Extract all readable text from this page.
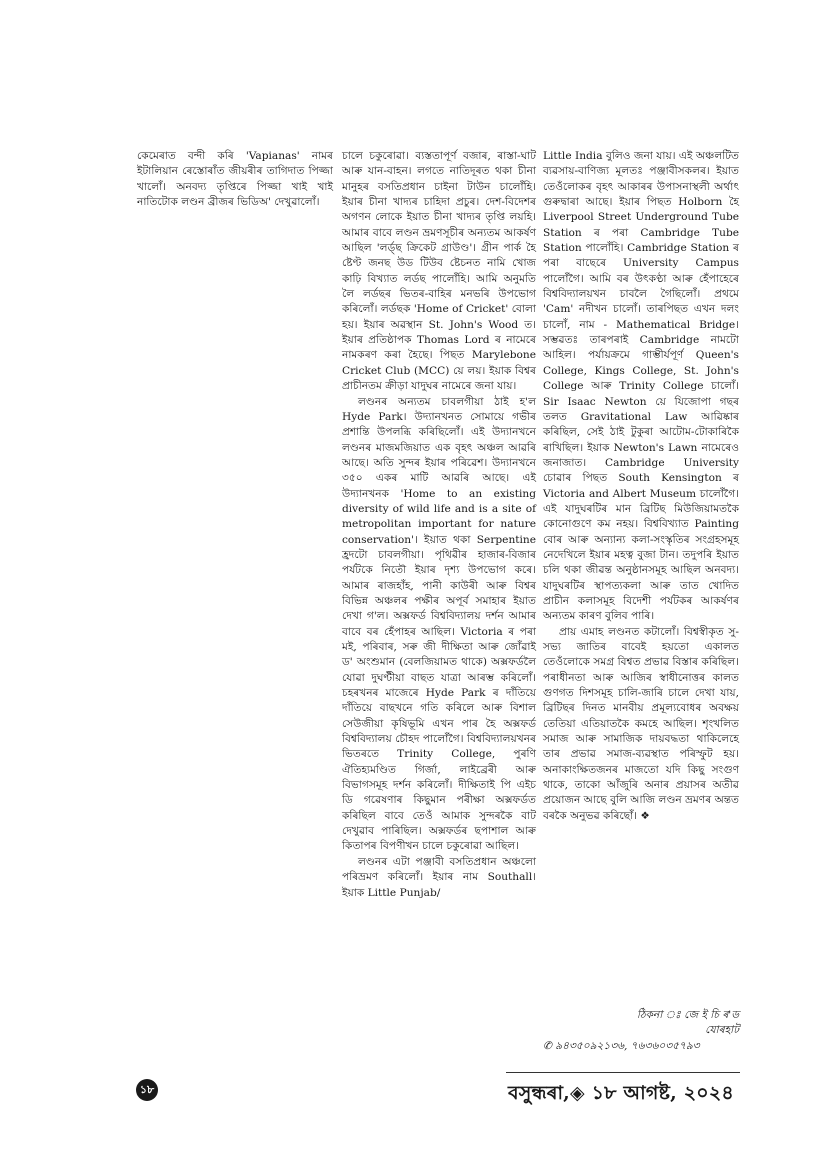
কেমেৰাত বন্দী কৰি 'Vapianas' নামৰ ইটালিয়ান ৰেস্তোৰাঁত জীয়ৰীৰ তাগিদাত পিজ্জা খালোঁ। অনবদ্য তৃপ্তিৰে পিজ্জা খাই খাই নাতিটোক লণ্ডন ব্ৰীজৰ ভিডিঅ' দেখুৱালোঁ।

চালে চকুৰোৱা। ব্যস্ততাপূৰ্ণ বজাৰ, ৰাস্তা-ঘাট আৰু যান-বাহন। লগতে নাতিদূৰত থকা চীনা মানুহৰ বসতিপ্ৰধান চাইনা টাউন চালোঁহি। ইয়াৰ চীনা খাদ্যৰ চাহিদা প্ৰচুৰ। দেশ-বিদেশৰ অগণন লোকে ইয়াত চীনা খাদ্যৰ তৃপ্তি লয়হি। আমাৰ বাবে লণ্ডন ভ্ৰমণসূচীৰ অন্যতম আকৰ্ষণ আছিল 'লৰ্ড্‌ছ ক্ৰিকেট গ্ৰাউণ্ড'। গ্ৰীন পাৰ্ক হৈ ষ্টেণ্ট জনছ উড টিউব ষ্টেচনত নামি খোজ কাঢ়ি বিখ্যাত লৰ্ডছ পালোঁহি। আমি অনুমতি লৈ লৰ্ডছৰ ভিতৰ-বাহিৰ মনভৰি উপভোগ কৰিলোঁ। লৰ্ডছক 'Home of Cricket' বোলা হয়। ইয়াৰ অৱস্থান St. John's Wood ত। ইয়াৰ প্ৰতিষ্ঠাপক Thomas Lord ৰ নামেৰে নামকৰণ কৰা হৈছে। পিছত Marylebone Cricket Club (MCC) য়ে লয়। ইয়াক বিশ্বৰ প্ৰাচীনতম ক্ৰীড়া যাদুঘৰ নামেৰে জনা যায়।

লণ্ডনৰ অন্যতম চাবলগীয়া ঠাই হ'ল Hyde Park। উদ্যানখনত সোমায়ে গভীৰ প্ৰশান্তি উপলব্ধি কৰিছিলোঁ। এই উদ্যানখনে লণ্ডনৰ মাজমজিয়াত এক বৃহৎ অঞ্চল আৱৰি আছে। অতি সুন্দৰ ইয়াৰ পৰিৱেশ। উদ্যানখনে ৩৫০ একৰ মাটি আৱৰি আছে। এই উদ্যানখনক 'Home to an existing diversity of wild life and is a site of metropolitan important for nature conservation'। ইয়াত থকা Serpentine হ্ৰদটো চাবলগীয়া। পৃথিৱীৰ হাজাৰ-বিজাৰ পৰ্যটকে নিতৌ ইয়াৰ দৃশ্য উপভোগ কৰে। আমাৰ ৰাজহাঁহ, পানী কাউৰী আৰু বিশ্বৰ বিভিন্ন অঞ্চলৰ পক্ষীৰ অপূৰ্ব সমাহাৰ ইয়াত দেখা গ'ল। অক্সফৰ্ড বিশ্ববিদ্যালয় দৰ্শন আমাৰ বাবে বৰ হেঁপাহৰ আছিল। Victoria ৰ পৰা মই, পৰিবাৰ, সৰু জী দীক্ষিতা আৰু জোঁৱাই ড' অংশুমান (বেলজিয়ামত থাকে) অক্সফৰ্ডলৈ যোৱা দুঘণ্টীয়া বাছত যাত্ৰা আৰম্ভ কৰিলোঁ। চহৰখনৰ মাজেৰে Hyde Park ৰ দাঁতিয়ে দাঁতিয়ে বাছখনে গতি কৰিলে আৰু বিশাল সেউজীয়া কৃষিভূমি এখন পাৰ হৈ অক্সফৰ্ড বিশ্ববিদ্যালয় চৌহদ পালোঁগৈ। বিশ্ববিদ্যালয়খনৰ ভিতৰতে Trinity College, পুৰণি ঐতিহ্যমণ্ডিত গিৰ্জা, লাইব্ৰেৰী আৰু বিভাগসমূহ দৰ্শন কৰিলোঁ। দীক্ষিতাই পি এইচ ডি গৱেষণাৰ কিছুমান পৰীক্ষা অক্সফৰ্ডত কৰিছিল বাবে তেওঁ আমাক সুন্দৰকৈ বাট দেখুৱাব পাৰিছিল। অক্সফৰ্ডৰ ছপাশাল আৰু কিতাপৰ বিপণীখন চালে চকুৰোৱা আছিল।

লণ্ডনৰ এটা পঞ্জাবী বসতিপ্ৰধান অঞ্চলো পৰিভ্ৰমণ কৰিলোঁ। ইয়াৰ নাম Southall। ইয়াক Little Punjab/

Little India বুলিও জনা যায়। এই অঞ্চলটিত ব্যৱসায়-বাণিজ্য মূলতঃ পঞ্জাবীসকলৰ। ইয়াত তেওঁলোকৰ বৃহৎ আকাৰৰ উপাসনাস্থলী অৰ্থাৎ গুৰুদ্বাৰা আছে। ইয়াৰ পিছত Holborn হৈ Liverpool Street Underground Tube Station ৰ পৰা Cambridge Tube Station পালোঁহি। Cambridge Station ৰ পৰা বাছেৰে University Campus পালোঁগৈ। আমি বৰ উৎকণ্ঠা আৰু হেঁপাহেৰে বিশ্ববিদ্যালয়খন চাবলৈ গৈছিলোঁ। প্ৰথমে 'Cam' নদীখন চালোঁ। তাৰপিছত এখন দলং চালোঁ, নাম - Mathematical Bridge। সম্ভৱতঃ তাৰপৰাই Cambridge নামটো আহিল। পৰ্যায়ক্ৰমে গাম্ভীৰ্যপূৰ্ণ Queen's College, Kings College, St. John's College আৰু Trinity College চালোঁ। Sir Isaac Newton য়ে যিজোপা গছৰ তলত Gravitational Law আৱিষ্কাৰ কৰিছিল, সেই ঠাই টুকুৰা আটোম-টোকাৰিকৈ ৰাখিছিল। ইয়াক Newton's Lawn নামেৰেও জনাজাত। Cambridge University চোৱাৰ পিছত South Kensington ৰ Victoria and Albert Museum চালোঁগৈ। এই যাদুঘৰটিৰ মান ব্ৰিটিছ মিউজিয়ামতকৈ কোনোগুণে কম নহয়। বিশ্ববিখ্যাত Painting বোৰ আৰু অন্যান্য কলা-সংস্কৃতিৰ সংগ্ৰহসমূহ নেদেখিলে ইয়াৰ মহত্ব বুজা টান। তদুপৰি ইয়াত চলি থকা জীৱন্ত অনুষ্ঠানসমূহ আছিল অনবদ্য। যাদুঘৰটিৰ স্থাপত্যকলা আৰু তাত খোদিত প্ৰাচীন কলাসমূহ বিদেশী পৰ্যটকৰ আকৰ্ষণৰ অন্যতম কাৰণ বুলিব পাৰি।

প্ৰায় এমাহ লণ্ডনত কটালোঁ। বিশ্বস্বীকৃত সু-সভ্য জাতিৰ বাবেই হয়তো একালত তেওঁলোকে সমগ্ৰ বিশ্বত প্ৰভাৱ বিস্তাৰ কৰিছিল। পৰাধীনতা আৰু আজিৰ স্বাধীনোত্তৰ কালত গুণগত দিশসমূহ চালি-জাৰি চালে দেখা যায়, ব্ৰিটিছৰ দিনত মানবীয় প্ৰমূল্যবোধৰ অবক্ষয় তেতিয়া এতিয়াতকৈ কমহে আছিল। শৃংখলিত সমাজ আৰু সামাজিক দায়বদ্ধতা থাকিলেহে তাৰ প্ৰভাৱ সমাজ-ব্যৱস্থাত পৰিস্ফুট হয়। অনাকাংক্ষিতজনৰ মাজতো যদি কিছু সংগুণ থাকে, তাকো আঁজুৰি অনাৰ প্ৰয়াসৰ অতীৱ প্ৰয়োজন আছে বুলি আজি লণ্ডন ভ্ৰমণৰ অন্তত বৰকৈ অনুভৱ কৰিছোঁ। ❖

ঠিকনা ঃ জে ই চি ৰ'ড
যোৰহাট
✆ ৯৪৩৫০৯২১৩৬, ৭৬৩৬০৩৫৭৯৩
১৮	বসুন্ধৰা,◈ ১৮ আগষ্ট, ২০২৪
